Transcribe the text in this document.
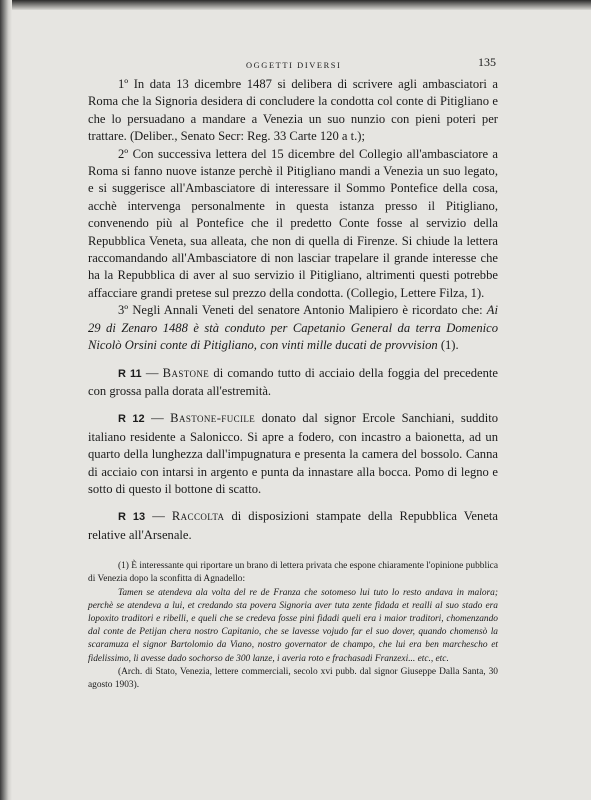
OGGETTI DIVERSI	135

1º In data 13 dicembre 1487 si delibera di scrivere agli ambasciatori a Roma che la Signoria desidera di concludere la condotta col conte di Pitigliano e che lo persuadano a mandare a Venezia un suo nunzio con pieni poteri per trattare. (Deliber., Senato Secr: Reg. 33 Carte 120 a t.);

2º Con successiva lettera del 15 dicembre del Collegio all'ambasciatore a Roma si fanno nuove istanze perchè il Pitigliano mandi a Venezia un suo legato, e si suggerisce all'Ambasciatore di interessare il Sommo Pontefice della cosa, acchè intervenga personalmente in questa istanza presso il Pitigliano, convenendo più al Pontefice che il predetto Conte fosse al servizio della Repubblica Veneta, sua alleata, che non di quella di Firenze. Si chiude la lettera raccomandando all'Ambasciatore di non lasciar trapelare il grande interesse che ha la Repubblica di aver al suo servizio il Pitigliano, altrimenti questi potrebbe affacciare grandi pretese sul prezzo della condotta. (Collegio, Lettere Filza, 1).

3º Negli Annali Veneti del senatore Antonio Malipiero è ricordato che: Ai 29 di Zenaro 1488 è stà conduto per Capetanio General da terra Domenico Nicolò Orsini conte di Pitigliano, con vinti mille ducati de provvision (1).

R 11 — Bastone di comando tutto di acciaio della foggia del precedente con grossa palla dorata all'estremità.

R 12 — Bastone-fucile donato dal signor Ercole Sanchiani, suddito italiano residente a Salonicco. Si apre a fodero, con incastro a baionetta, ad un quarto della lunghezza dall'impugnatura e presenta la camera del bossolo. Canna di acciaio con intarsi in argento e punta da innastare alla bocca. Pomo di legno e sotto di questo il bottone di scatto.

R 13 — Raccolta di disposizioni stampate della Repubblica Veneta relative all'Arsenale.

(1) È interessante qui riportare un brano di lettera privata che espone chiaramente l'opinione pubblica di Venezia dopo la sconfitta di Agnadello:

Tamen se atendeva ala volta del re de Franza che sotomeso lui tuto lo resto andava in malora; perchè se atendeva a lui, et credando sta povera Signoria aver tuta zente fidada et realli al suo stado era lopoxito traditori e ribelli, e queli che se credeva fosse pini fidadi queli era i maior traditori, chomenzando dal conte de Petijan chera nostro Capitanio, che se lavesse vojudo far el suo dover, quando chomensò la scaramuza el signor Bartolomio da Viano, nostro governator de champo, che lui era ben marchescho et fidelissimo, li avesse dado sochorso de 300 lanze, i averia roto e frachasadi Franzexi... etc., etc.

(Arch. di Stato, Venezia, lettere commerciali, secolo xvi pubb. dal signor Giuseppe Dalla Santa, 30 agosto 1903).
